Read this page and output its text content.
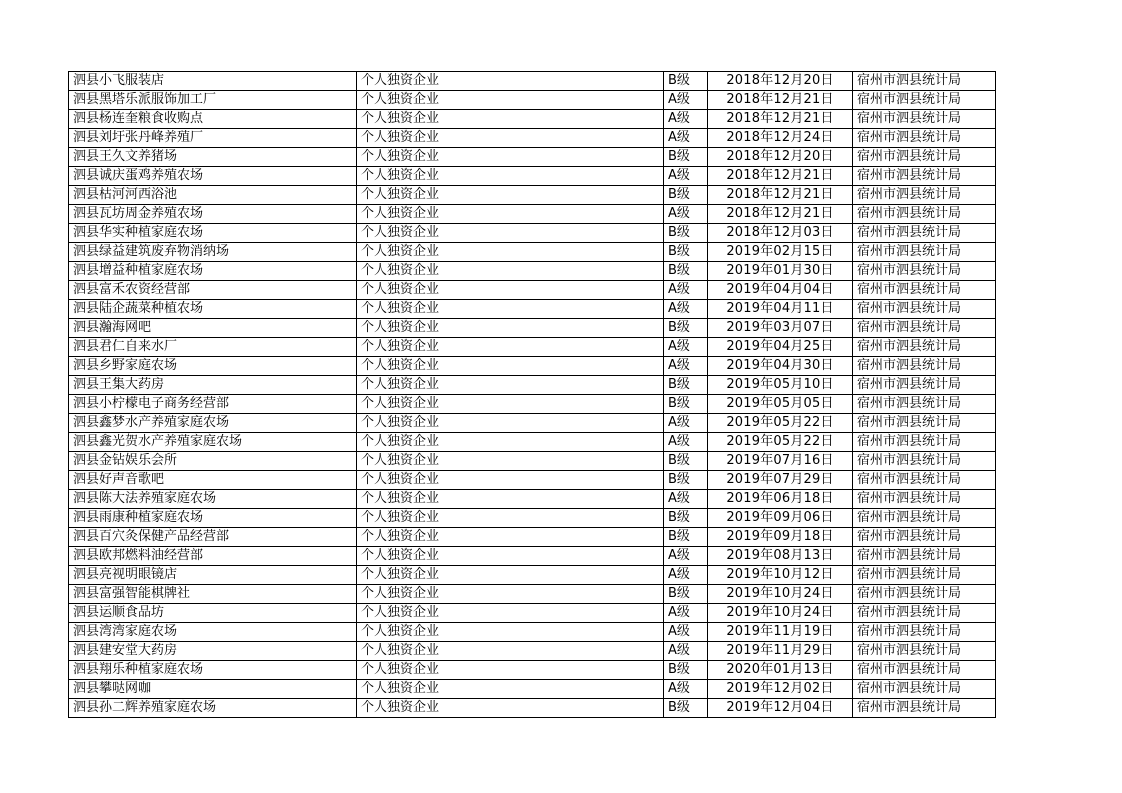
泗县小飞服装店	个人独资企业	B级	2018年12月20日	宿州市泗县统计局
泗县黑塔乐派服饰加工厂	个人独资企业	A级	2018年12月21日	宿州市泗县统计局
泗县杨连奎粮食收购点	个人独资企业	A级	2018年12月21日	宿州市泗县统计局
泗县刘圩张丹峰养殖厂	个人独资企业	A级	2018年12月24日	宿州市泗县统计局
泗县王久文养猪场	个人独资企业	B级	2018年12月20日	宿州市泗县统计局
泗县诚庆蛋鸡养殖农场	个人独资企业	A级	2018年12月21日	宿州市泗县统计局
泗县枯河河西浴池	个人独资企业	B级	2018年12月21日	宿州市泗县统计局
泗县瓦坊周金养殖农场	个人独资企业	A级	2018年12月21日	宿州市泗县统计局
泗县华实种植家庭农场	个人独资企业	B级	2018年12月03日	宿州市泗县统计局
泗县绿益建筑废弃物消纳场	个人独资企业	B级	2019年02月15日	宿州市泗县统计局
泗县增益种植家庭农场	个人独资企业	B级	2019年01月30日	宿州市泗县统计局
泗县富禾农资经营部	个人独资企业	A级	2019年04月04日	宿州市泗县统计局
泗县陆企蔬菜种植农场	个人独资企业	A级	2019年04月11日	宿州市泗县统计局
泗县瀚海网吧	个人独资企业	B级	2019年03月07日	宿州市泗县统计局
泗县君仁自来水厂	个人独资企业	A级	2019年04月25日	宿州市泗县统计局
泗县乡野家庭农场	个人独资企业	A级	2019年04月30日	宿州市泗县统计局
泗县王集大药房	个人独资企业	B级	2019年05月10日	宿州市泗县统计局
泗县小柠檬电子商务经营部	个人独资企业	B级	2019年05月05日	宿州市泗县统计局
泗县鑫梦水产养殖家庭农场	个人独资企业	A级	2019年05月22日	宿州市泗县统计局
泗县鑫光贺水产养殖家庭农场	个人独资企业	A级	2019年05月22日	宿州市泗县统计局
泗县金钻娱乐会所	个人独资企业	B级	2019年07月16日	宿州市泗县统计局
泗县好声音歌吧	个人独资企业	B级	2019年07月29日	宿州市泗县统计局
泗县陈大法养殖家庭农场	个人独资企业	A级	2019年06月18日	宿州市泗县统计局
泗县雨康种植家庭农场	个人独资企业	B级	2019年09月06日	宿州市泗县统计局
泗县百穴灸保健产品经营部	个人独资企业	B级	2019年09月18日	宿州市泗县统计局
泗县欧邦燃料油经营部	个人独资企业	A级	2019年08月13日	宿州市泗县统计局
泗县亮视明眼镜店	个人独资企业	A级	2019年10月12日	宿州市泗县统计局
泗县富强智能棋牌社	个人独资企业	B级	2019年10月24日	宿州市泗县统计局
泗县运顺食品坊	个人独资企业	A级	2019年10月24日	宿州市泗县统计局
泗县湾湾家庭农场	个人独资企业	A级	2019年11月19日	宿州市泗县统计局
泗县建安堂大药房	个人独资企业	A级	2019年11月29日	宿州市泗县统计局
泗县翔乐种植家庭农场	个人独资企业	B级	2020年01月13日	宿州市泗县统计局
泗县攀哒网咖	个人独资企业	A级	2019年12月02日	宿州市泗县统计局
泗县孙二辉养殖家庭农场	个人独资企业	B级	2019年12月04日	宿州市泗县统计局
